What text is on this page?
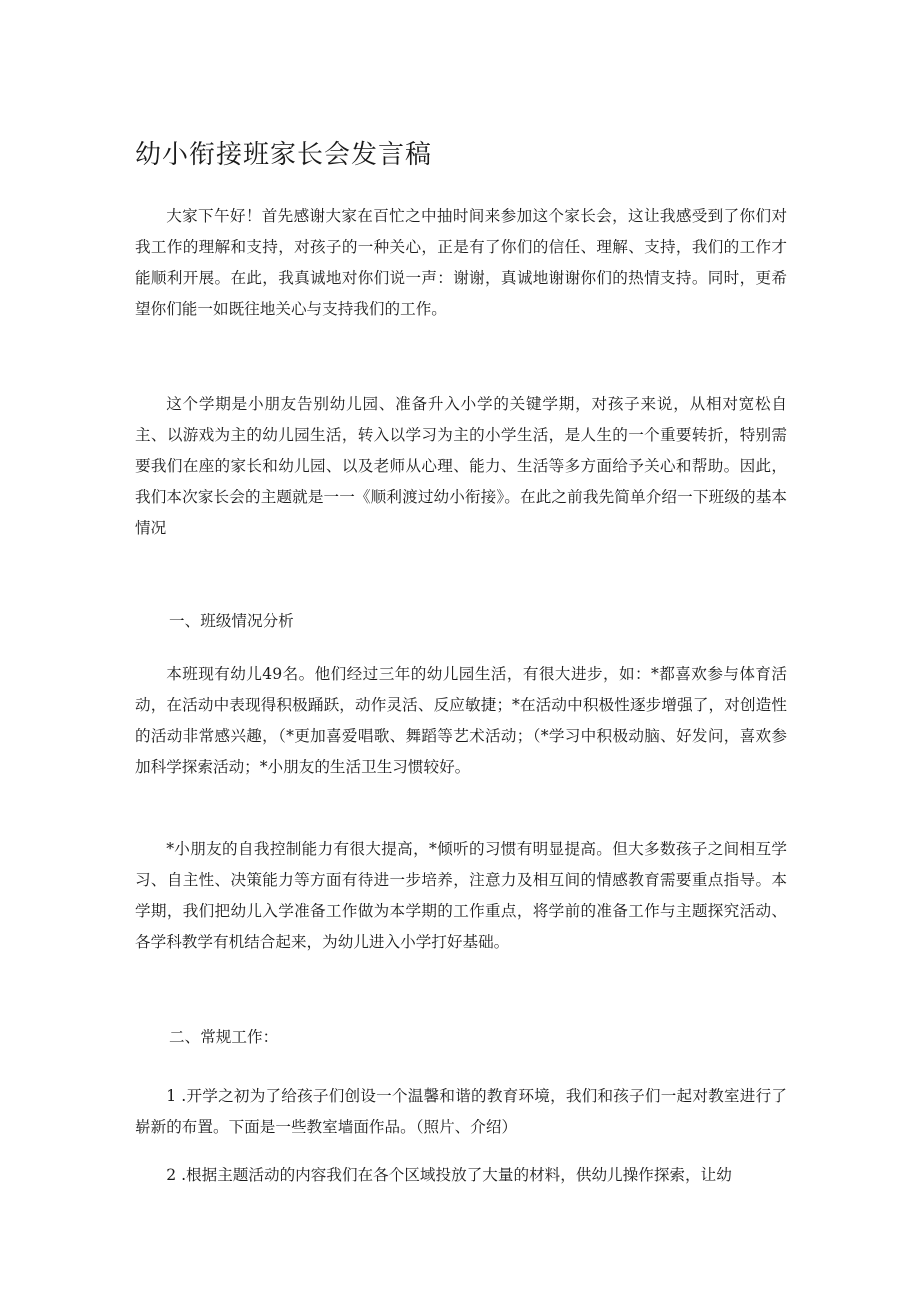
幼小衔接班家长会发言稿

大家下午好！首先感谢大家在百忙之中抽时间来参加这个家长会，这让我感受到了你们对我工作的理解和支持，对孩子的一种关心，正是有了你们的信任、理解、支持，我们的工作才能顺利开展。在此，我真诚地对你们说一声：谢谢，真诚地谢谢你们的热情支持。同时，更希望你们能一如既往地关心与支持我们的工作。

这个学期是小朋友告别幼儿园、准备升入小学的关键学期，对孩子来说，从相对宽松自主、以游戏为主的幼儿园生活，转入以学习为主的小学生活，是人生的一个重要转折，特别需要我们在座的家长和幼儿园、以及老师从心理、能力、生活等多方面给予关心和帮助。因此，我们本次家长会的主题就是一一《顺利渡过幼小衔接》。在此之前我先简单介绍一下班级的基本情况

一、班级情况分析

本班现有幼儿49名。他们经过三年的幼儿园生活，有很大进步，如：*都喜欢参与体育活动，在活动中表现得积极踊跃，动作灵活、反应敏捷；*在活动中积极性逐步增强了，对创造性的活动非常感兴趣，（*更加喜爱唱歌、舞蹈等艺术活动；（*学习中积极动脑、好发问，喜欢参加科学探索活动；*小朋友的生活卫生习惯较好。

*小朋友的自我控制能力有很大提高，*倾听的习惯有明显提高。但大多数孩子之间相互学习、自主性、决策能力等方面有待进一步培养，注意力及相互间的情感教育需要重点指导。本学期，我们把幼儿入学准备工作做为本学期的工作重点，将学前的准备工作与主题探究活动、各学科教学有机结合起来，为幼儿进入小学打好基础。

二、常规工作：

1 .开学之初为了给孩子们创设一个温馨和谐的教育环境，我们和孩子们一起对教室进行了崭新的布置。下面是一些教室墙面作品。（照片、介绍）

2 .根据主题活动的内容我们在各个区域投放了大量的材料，供幼儿操作探索，让幼
